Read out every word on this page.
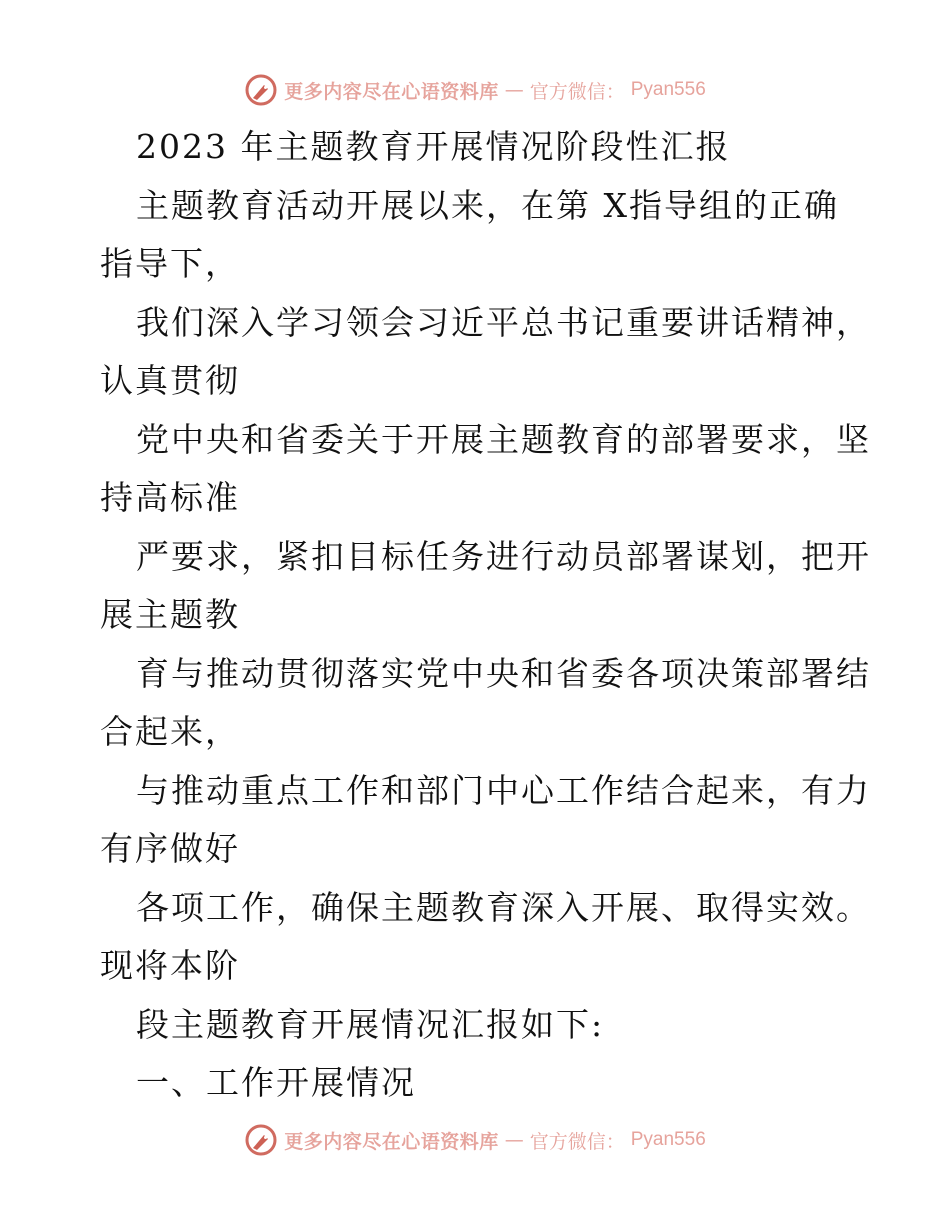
更多内容尽在心语资料库 — 官方微信： Pyan556
2023 年主题教育开展情况阶段性汇报
主题教育活动开展以来，在第 X指导组的正确
指导下，
我们深入学习领会习近平总书记重要讲话精神，
认真贯彻
党中央和省委关于开展主题教育的部署要求，坚
持高标准
严要求，紧扣目标任务进行动员部署谋划，把开
展主题教
育与推动贯彻落实党中央和省委各项决策部署结
合起来，
与推动重点工作和部门中心工作结合起来，有力
有序做好
各项工作，确保主题教育深入开展、取得实效。
现将本阶
段主题教育开展情况汇报如下:
一、工作开展情况
更多内容尽在心语资料库 — 官方微信： Pyan556
